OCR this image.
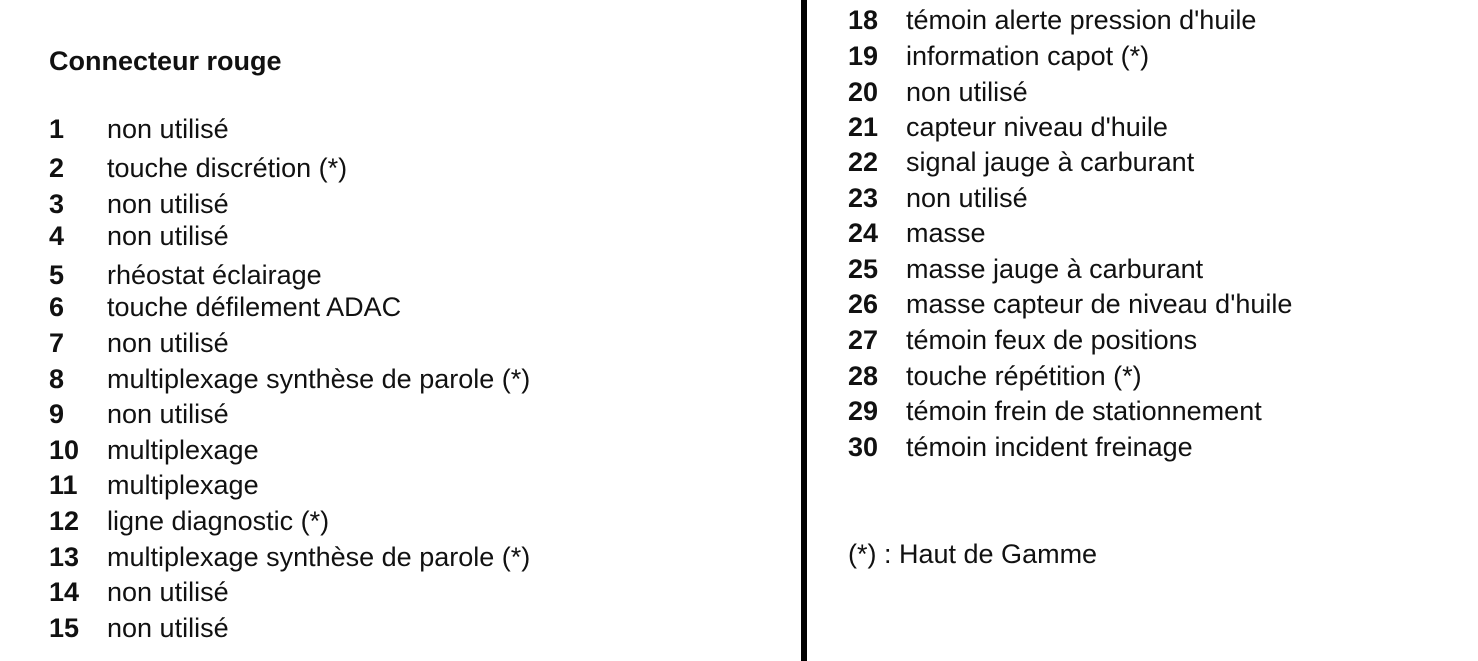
Connecteur rouge
1 non utilisé
2 touche discrétion (*)
3 non utilisé
4 non utilisé
5 rhéostat éclairage
6 touche défilement ADAC
7 non utilisé
8 multiplexage synthèse de parole (*)
9 non utilisé
10 multiplexage
11 multiplexage
12 ligne diagnostic (*)
13 multiplexage synthèse de parole (*)
14 non utilisé
15 non utilisé
18 témoin alerte pression d'huile
19 information capot (*)
20 non utilisé
21 capteur niveau d'huile
22 signal jauge à carburant
23 non utilisé
24 masse
25 masse jauge à carburant
26 masse capteur de niveau d'huile
27 témoin feux de positions
28 touche répétition (*)
29 témoin frein de stationnement
30 témoin incident freinage
(*) : Haut de Gamme
